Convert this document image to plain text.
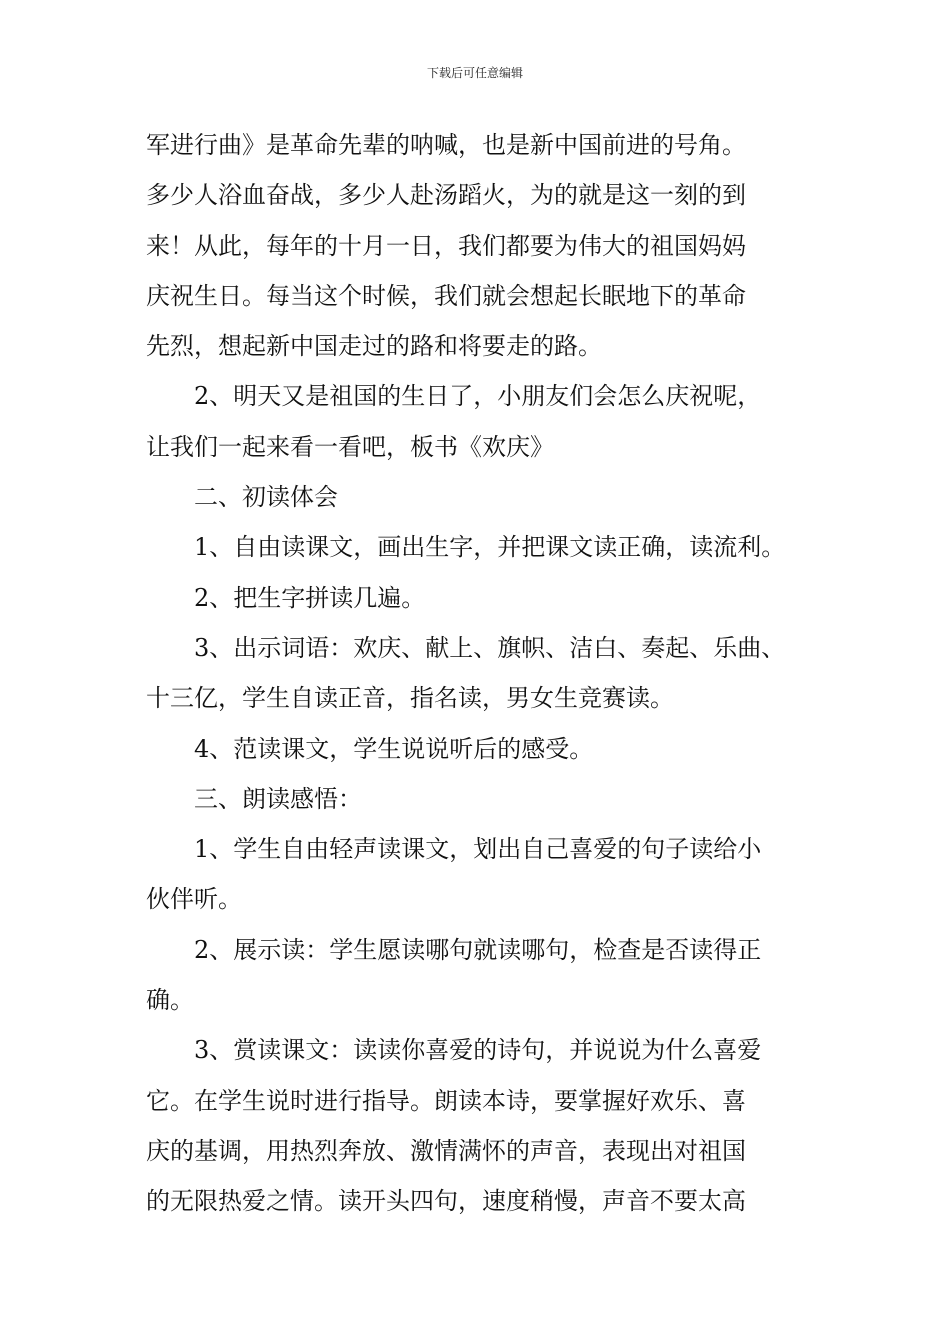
下载后可任意编辑

军进行曲》是革命先辈的呐喊，也是新中国前进的号角。

多少人浴血奋战，多少人赴汤蹈火，为的就是这一刻的到

来！从此，每年的十月一日，我们都要为伟大的祖国妈妈

庆祝生日。每当这个时候，我们就会想起长眠地下的革命

先烈，想起新中国走过的路和将要走的路。

2、明天又是祖国的生日了，小朋友们会怎么庆祝呢，

让我们一起来看一看吧，板书《欢庆》

二、初读体会

1、自由读课文，画出生字，并把课文读正确，读流利。

2、把生字拼读几遍。

3、出示词语：欢庆、献上、旗帜、洁白、奏起、乐曲、

十三亿，学生自读正音，指名读，男女生竞赛读。

4、范读课文，学生说说听后的感受。

三、朗读感悟：

1、学生自由轻声读课文，划出自己喜爱的句子读给小

伙伴听。

2、展示读：学生愿读哪句就读哪句，检查是否读得正

确。

3、赏读课文：读读你喜爱的诗句，并说说为什么喜爱

它。在学生说时进行指导。朗读本诗，要掌握好欢乐、喜

庆的基调，用热烈奔放、激情满怀的声音，表现出对祖国

的无限热爱之情。读开头四句，速度稍慢，声音不要太高
